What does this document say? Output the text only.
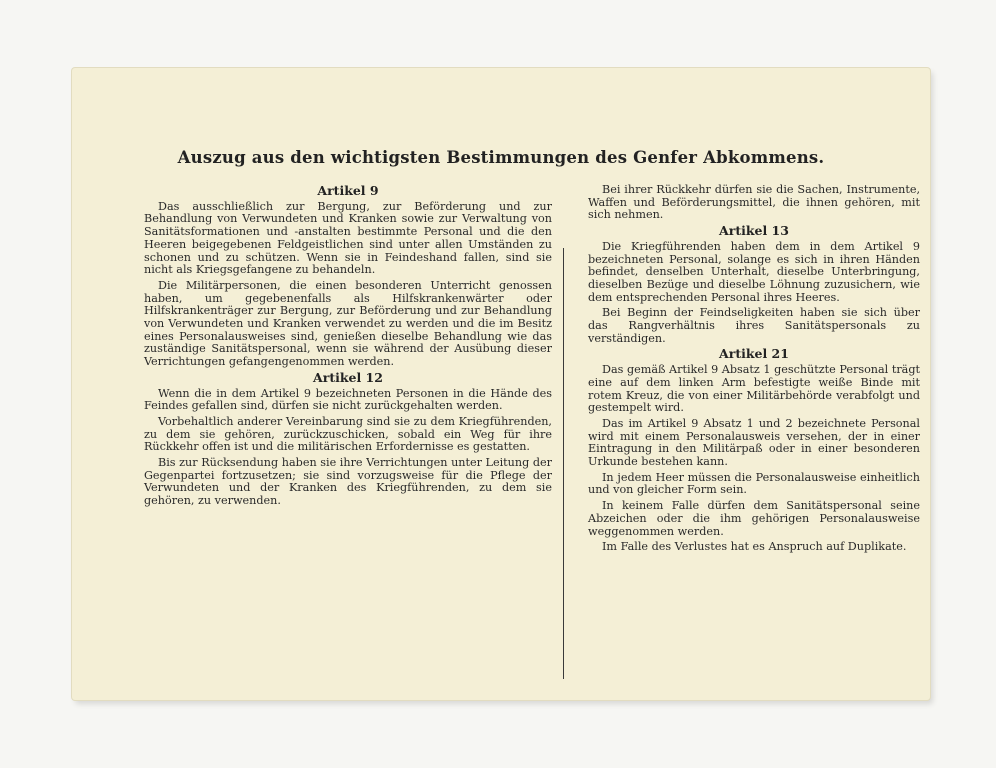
Auszug aus den wichtigsten Bestimmungen des Genfer Abkommens.
Artikel 9

Das ausschließlich zur Bergung, zur Beförderung und zur Behandlung von Verwundeten und Kranken sowie zur Verwaltung von Sanitätsformationen und -anstalten bestimmte Personal und die den Heeren beigegebenen Feldgeistlichen sind unter allen Umständen zu schonen und zu schützen. Wenn sie in Feindeshand fallen, sind sie nicht als Kriegsgefangene zu behandeln.

Die Militärpersonen, die einen besonderen Unterricht genossen haben, um gegebenenfalls als Hilfskrankenwärter oder Hilfskrankenträger zur Bergung, zur Beförderung und zur Behandlung von Verwundeten und Kranken verwendet zu werden und die im Besitz eines Personalausweises sind, genießen dieselbe Behandlung wie das zuständige Sanitätspersonal, wenn sie während der Ausübung dieser Verrichtungen gefangengenommen werden.

Artikel 12

Wenn die in dem Artikel 9 bezeichneten Personen in die Hände des Feindes gefallen sind, dürfen sie nicht zurückgehalten werden.

Vorbehaltlich anderer Vereinbarung sind sie zu dem Kriegführenden, zu dem sie gehören, zurückzuschicken, sobald ein Weg für ihre Rückkehr offen ist und die militärischen Erfordernisse es gestatten.

Bis zur Rücksendung haben sie ihre Verrichtungen unter Leitung der Gegenpartei fortzusetzen; sie sind vorzugsweise für die Pflege der Verwundeten und der Kranken des Kriegführenden, zu dem sie gehören, zu verwenden.

Bei ihrer Rückkehr dürfen sie die Sachen, Instrumente, Waffen und Beförderungsmittel, die ihnen gehören, mit sich nehmen.

Artikel 13

Die Kriegführenden haben dem in dem Artikel 9 bezeichneten Personal, solange es sich in ihren Händen befindet, denselben Unterhalt, dieselbe Unterbringung, dieselben Bezüge und dieselbe Löhnung zuzusichern, wie dem entsprechenden Personal ihres Heeres.

Bei Beginn der Feindseligkeiten haben sie sich über das Rangverhältnis ihres Sanitätspersonals zu verständigen.

Artikel 21

Das gemäß Artikel 9 Absatz 1 geschützte Personal trägt eine auf dem linken Arm befestigte weiße Binde mit rotem Kreuz, die von einer Militärbehörde verabfolgt und gestempelt wird.

Das im Artikel 9 Absatz 1 und 2 bezeichnete Personal wird mit einem Personalausweis versehen, der in einer Eintragung in den Militärpaß oder in einer besonderen Urkunde bestehen kann.

In jedem Heer müssen die Personalausweise einheitlich und von gleicher Form sein.

In keinem Falle dürfen dem Sanitätspersonal seine Abzeichen oder die ihm gehörigen Personalausweise weggenommen werden.

Im Falle des Verlustes hat es Anspruch auf Duplikate.
